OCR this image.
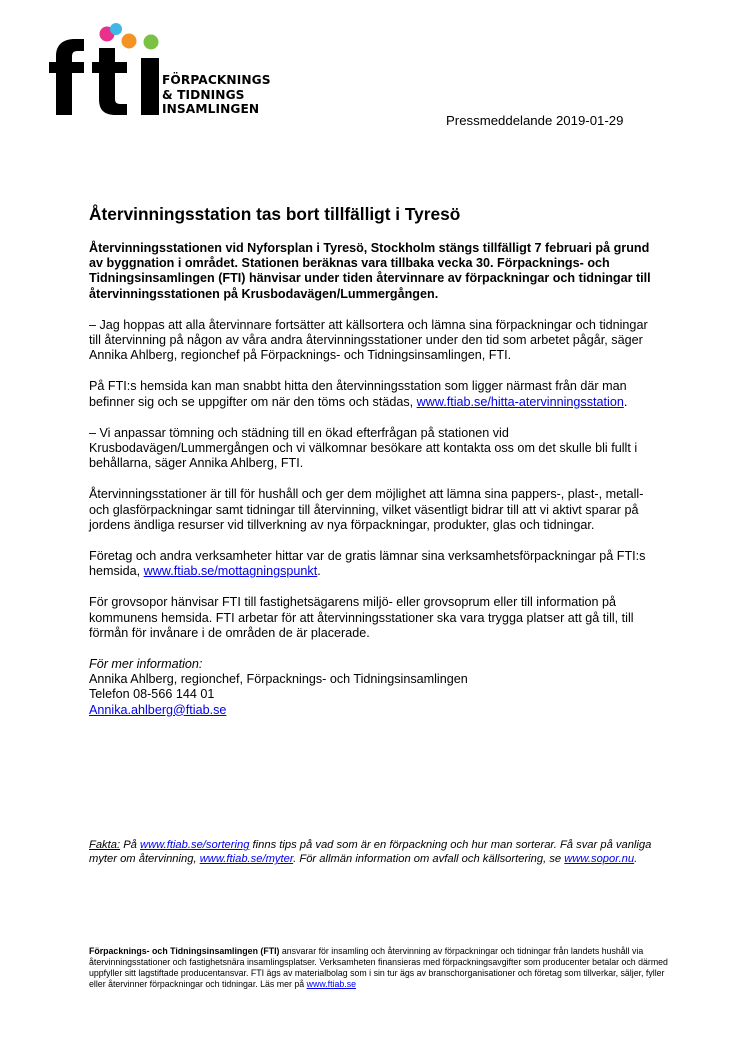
FÖRPACKNINGS
& TIDNINGS
INSAMLINGEN
Pressmeddelande 2019-01-29
Återvinningsstation tas bort tillfälligt i Tyresö

Återvinningsstationen vid Nyforsplan i Tyresö, Stockholm stängs tillfälligt 7 februari på grund av byggnation i området. Stationen beräknas vara tillbaka vecka 30. Förpacknings- och Tidningsinsamlingen (FTI) hänvisar under tiden återvinnare av förpackningar och tidningar till återvinningsstationen på Krusbodavägen/Lummergången.

– Jag hoppas att alla återvinnare fortsätter att källsortera och lämna sina förpackningar och tidningar till återvinning på någon av våra andra återvinningsstationer under den tid som arbetet pågår, säger Annika Ahlberg, regionchef på Förpacknings- och Tidningsinsamlingen, FTI.

På FTI:s hemsida kan man snabbt hitta den återvinningsstation som ligger närmast från där man befinner sig och se uppgifter om när den töms och städas, www.ftiab.se/hitta-atervinningsstation.

– Vi anpassar tömning och städning till en ökad efterfrågan på stationen vid Krusbodavägen/Lummergången och vi välkomnar besökare att kontakta oss om det skulle bli fullt i behållarna, säger Annika Ahlberg, FTI.

Återvinningsstationer är till för hushåll och ger dem möjlighet att lämna sina pappers-, plast-, metall- och glasförpackningar samt tidningar till återvinning, vilket väsentligt bidrar till att vi aktivt sparar på jordens ändliga resurser vid tillverkning av nya förpackningar, produkter, glas och tidningar.

Företag och andra verksamheter hittar var de gratis lämnar sina verksamhetsförpackningar på FTI:s hemsida, www.ftiab.se/mottagningspunkt.

För grovsopor hänvisar FTI till fastighetsägarens miljö- eller grovsoprum eller till information på kommunens hemsida. FTI arbetar för att återvinningsstationer ska vara trygga platser att gå till, till förmån för invånare i de områden de är placerade.

För mer information:
Annika Ahlberg, regionchef, Förpacknings- och Tidningsinsamlingen
Telefon 08-566 144 01
Annika.ahlberg@ftiab.se
Fakta: På www.ftiab.se/sortering finns tips på vad som är en förpackning och hur man sorterar. Få svar på vanliga myter om återvinning, www.ftiab.se/myter. För allmän information om avfall och källsortering, se www.sopor.nu.
Förpacknings- och Tidningsinsamlingen (FTI) ansvarar för insamling och återvinning av förpackningar och tidningar från landets hushåll via återvinningsstationer och fastighetsnära insamlingsplatser. Verksamheten finansieras med förpackningsavgifter som producenter betalar och därmed uppfyller sitt lagstiftade producentansvar. FTI ägs av materialbolag som i sin tur ägs av branschorganisationer och företag som tillverkar, säljer, fyller eller återvinner förpackningar och tidningar. Läs mer på www.ftiab.se
